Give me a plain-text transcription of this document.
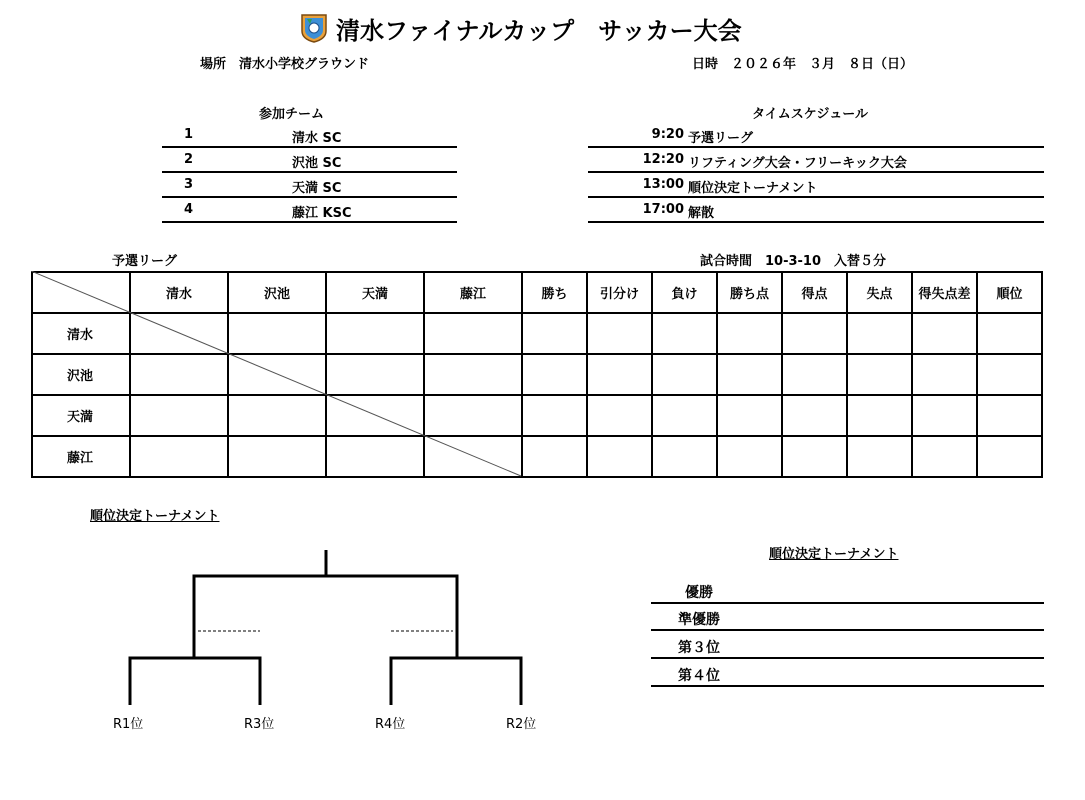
清水ファイナルカップ　サッカー大会
場所　清水小学校グラウンド	日時　２０２６年　３月　８日（日）
参加チーム
1	清水 SC
2	沢池 SC
3	天満 SC
4	藤江 KSC
タイムスケジュール
9:20 予選リーグ
12:20 リフティング大会・フリーキック大会
13:00 順位決定トーナメント
17:00 解散
予選リーグ	試合時間　10-3-10　入替５分
	清水	沢池	天満	藤江	勝ち	引分け	負け	勝ち点	得点	失点	得失点差	順位
清水												
沢池												
天満												
藤江												
順位決定トーナメント
R1位	R3位	R4位	R2位
順位決定トーナメント
優勝
準優勝
第３位
第４位
